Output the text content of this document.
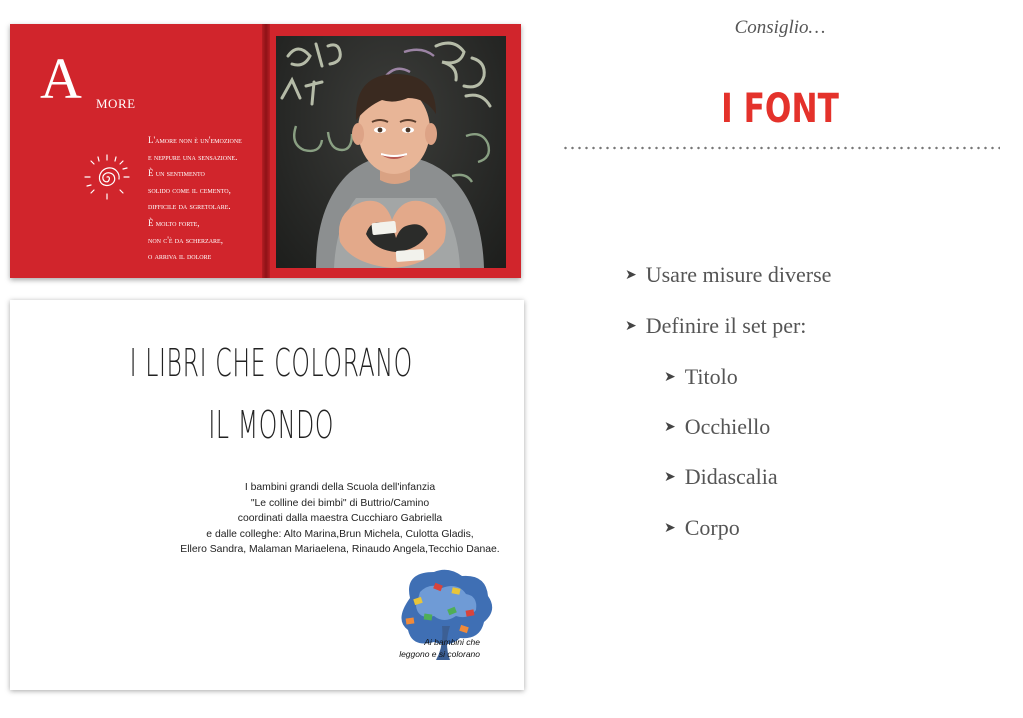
A MORE
L'amore non è un'emozione
e neppure una sensazione.
È un sentimento
solido come il cemento,
difficile da sgretolare.
È molto forte,
non c'è da scherzare,
o arriva il dolore
I LIBRI CHE COLORANO
IL MONDO
I bambini grandi della Scuola dell'infanzia
"Le colline dei bimbi" di Buttrio/Camino
coordinati dalla maestra Cucchiaro Gabriella
e dalle colleghe: Alto Marina,Brun Michela, Culotta Gladis,
Ellero Sandra, Malaman Mariaelena, Rinaudo Angela,Tecchio Danae.
Ai bambini che
leggono e si colorano
Consiglio…
I FONT
➤ Usare misure diverse
➤ Definire il set per:
➤ Titolo
➤ Occhiello
➤ Didascalia
➤ Corpo
